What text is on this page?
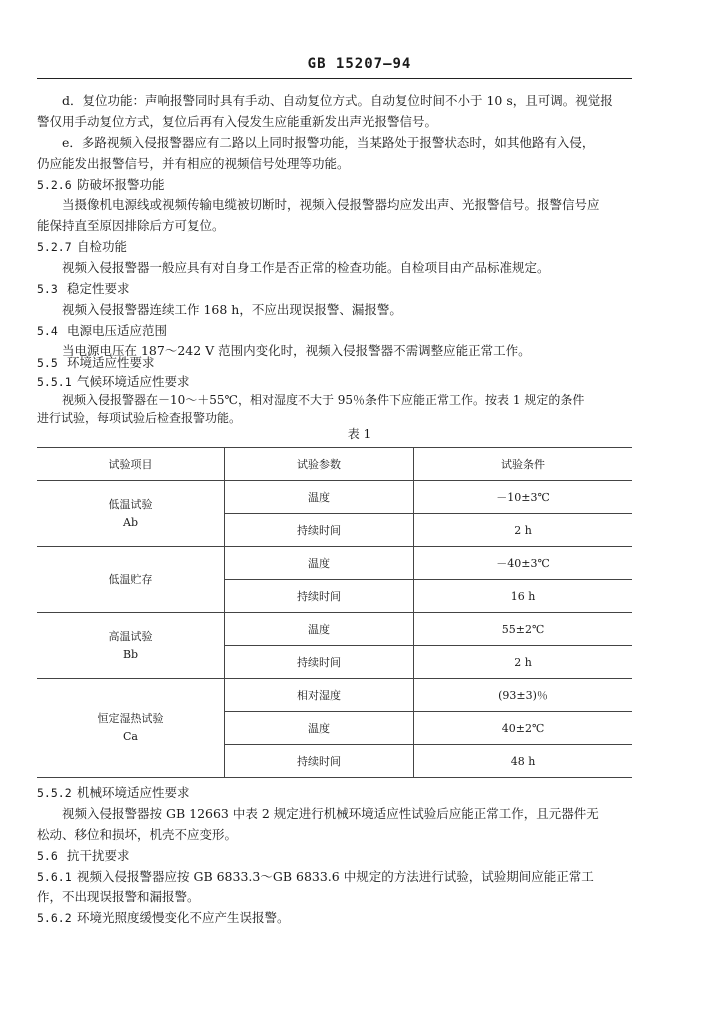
GB 15207—94
d．复位功能：声响报警同时具有手动、自动复位方式。自动复位时间不小于 10 s，且可调。视觉报
警仅用手动复位方式，复位后再有入侵发生应能重新发出声光报警信号。
e．多路视频入侵报警器应有二路以上同时报警功能，当某路处于报警状态时，如其他路有入侵，
仍应能发出报警信号，并有相应的视频信号处理等功能。
5.2.6 防破坏报警功能
当摄像机电源线或视频传输电缆被切断时，视频入侵报警器均应发出声、光报警信号。报警信号应
能保持直至原因排除后方可复位。
5.2.7 自检功能
视频入侵报警器一般应具有对自身工作是否正常的检查功能。自检项目由产品标准规定。
5.3 稳定性要求
视频入侵报警器连续工作 168 h，不应出现误报警、漏报警。
5.4 电源电压适应范围
当电源电压在 187～242 V 范围内变化时，视频入侵报警器不需调整应能正常工作。
5.5 环境适应性要求
5.5.1 气候环境适应性要求
视频入侵报警器在－10～＋55℃，相对湿度不大于 95％条件下应能正常工作。按表 1 规定的条件
表 1
试验项目	试验参数	试验条件

低温试验
Ab	温度	－10±3℃
	持续时间	2 h

低温贮存	温度	－40±3℃
	持续时间	16 h

高温试验
Bb	温度	55±2℃
	持续时间	2 h

恒定湿热试验
Ca	相对湿度	(93±3)％
	温度	40±2℃
	持续时间	48 h
5.5.2 机械环境适应性要求
视频入侵报警器按 GB 12663 中表 2 规定进行机械环境适应性试验后应能正常工作，且元器件无
松动、移位和损坏，机壳不应变形。
5.6 抗干扰要求
5.6.1 视频入侵报警器应按 GB 6833.3～GB 6833.6 中规定的方法进行试验，试验期间应能正常工
作，不出现误报警和漏报警。
5.6.2 环境光照度缓慢变化不应产生误报警。
进行试验，每项试验后检查报警功能。
